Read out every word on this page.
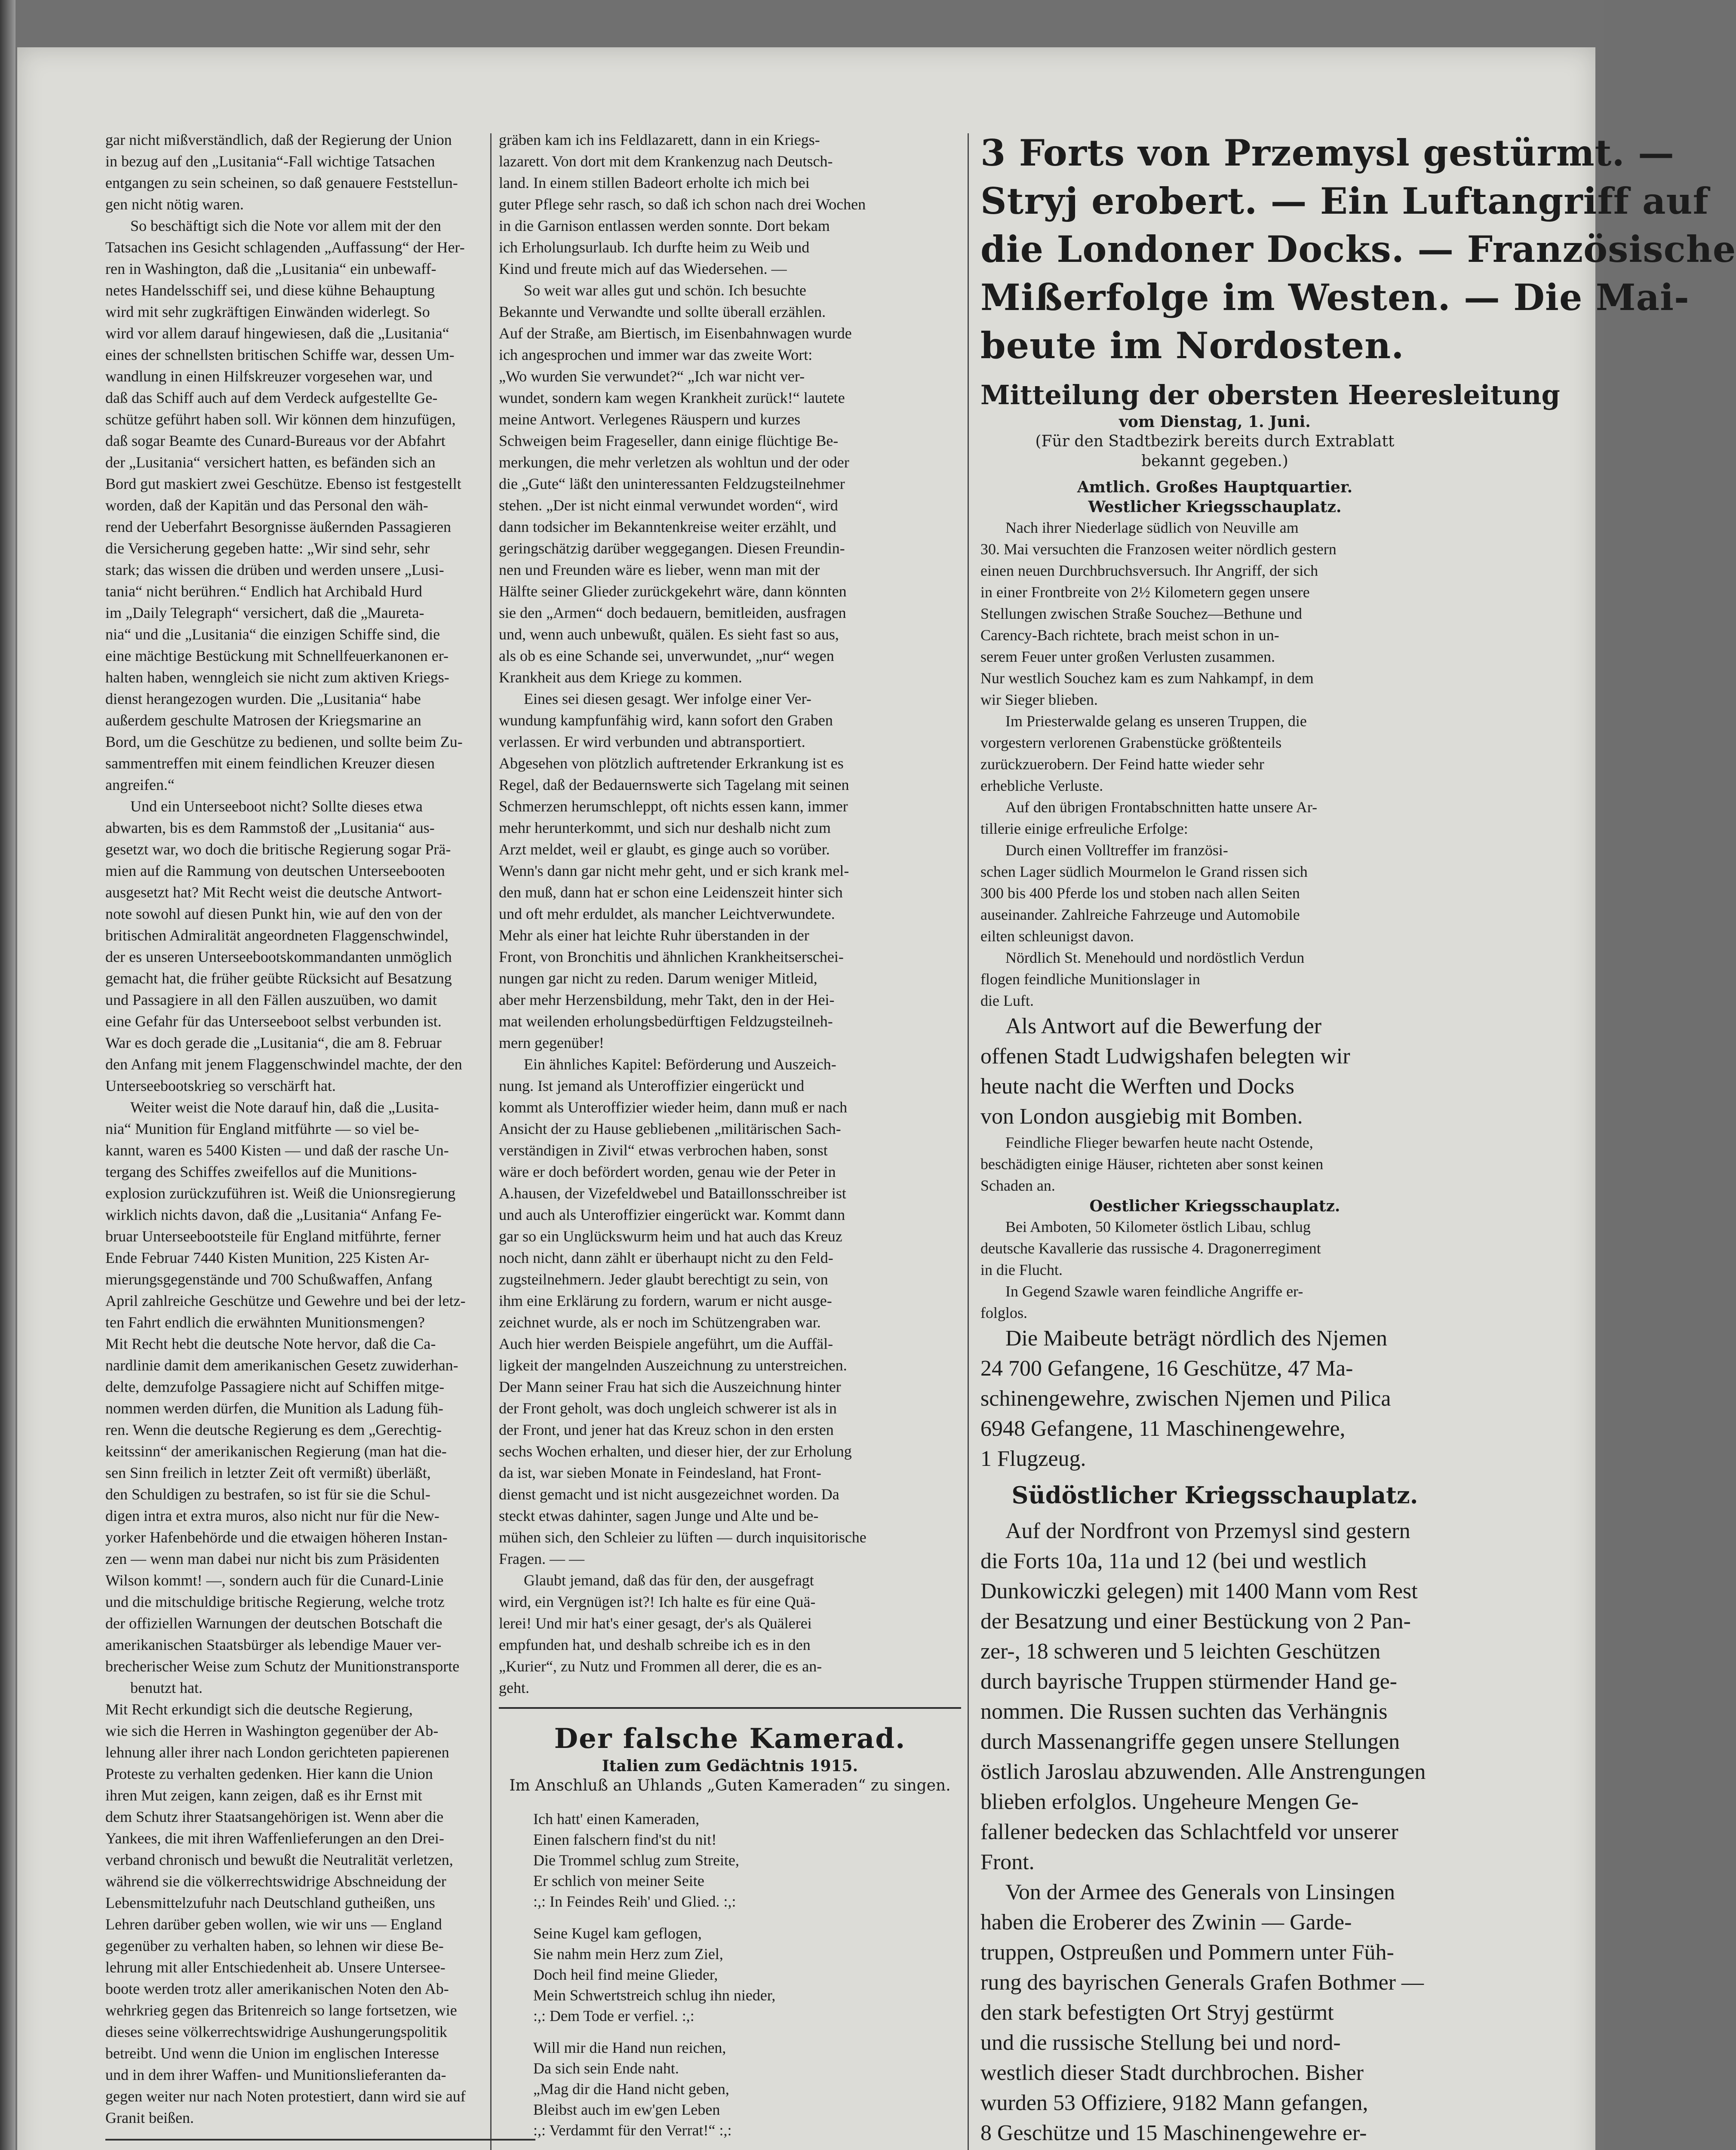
gar nicht mißverständlich, daß der Regierung der Union

in bezug auf den „Lusitania“-Fall wichtige Tatsachen

entgangen zu sein scheinen, so daß genauere Feststellun-

gen nicht nötig waren.

So beschäftigt sich die Note vor allem mit der den

Tatsachen ins Gesicht schlagenden „Auffassung“ der Her-

ren in Washington, daß die „Lusitania“ ein unbewaff-

netes Handelsschiff sei, und diese kühne Behauptung

wird mit sehr zugkräftigen Einwänden widerlegt. So

wird vor allem darauf hingewiesen, daß die „Lusitania“

eines der schnellsten britischen Schiffe war, dessen Um-

wandlung in einen Hilfskreuzer vorgesehen war, und

daß das Schiff auch auf dem Verdeck aufgestellte Ge-

schütze geführt haben soll. Wir können dem hinzufügen,

daß sogar Beamte des Cunard-Bureaus vor der Abfahrt

der „Lusitania“ versichert hatten, es befänden sich an

Bord gut maskiert zwei Geschütze. Ebenso ist festgestellt

worden, daß der Kapitän und das Personal den wäh-

rend der Ueberfahrt Besorgnisse äußernden Passagieren

die Versicherung gegeben hatte: „Wir sind sehr, sehr

stark; das wissen die drüben und werden unsere „Lusi-

tania“ nicht berühren.“ Endlich hat Archibald Hurd

im „Daily Telegraph“ versichert, daß die „Maureta-

nia“ und die „Lusitania“ die einzigen Schiffe sind, die

eine mächtige Bestückung mit Schnellfeuerkanonen er-

halten haben, wenngleich sie nicht zum aktiven Kriegs-

dienst herangezogen wurden. Die „Lusitania“ habe

außerdem geschulte Matrosen der Kriegsmarine an

Bord, um die Geschütze zu bedienen, und sollte beim Zu-

sammentreffen mit einem feindlichen Kreuzer diesen

angreifen.“

Und ein Unterseeboot nicht? Sollte dieses etwa

abwarten, bis es dem Rammstoß der „Lusitania“ aus-

gesetzt war, wo doch die britische Regierung sogar Prä-

mien auf die Rammung von deutschen Unterseebooten

ausgesetzt hat? Mit Recht weist die deutsche Antwort-

note sowohl auf diesen Punkt hin, wie auf den von der

britischen Admiralität angeordneten Flaggenschwindel,

der es unseren Unterseebootskommandanten unmöglich

gemacht hat, die früher geübte Rücksicht auf Besatzung

und Passagiere in all den Fällen auszuüben, wo damit

eine Gefahr für das Unterseeboot selbst verbunden ist.

War es doch gerade die „Lusitania“, die am 8. Februar

den Anfang mit jenem Flaggenschwindel machte, der den

Unterseebootskrieg so verschärft hat.

Weiter weist die Note darauf hin, daß die „Lusita-

nia“ Munition für England mitführte — so viel be-

kannt, waren es 5400 Kisten — und daß der rasche Un-

tergang des Schiffes zweifellos auf die Munitions-

explosion zurückzuführen ist. Weiß die Unionsregierung

wirklich nichts davon, daß die „Lusitania“ Anfang Fe-

bruar Unterseebootsteile für England mitführte, ferner

Ende Februar 7440 Kisten Munition, 225 Kisten Ar-

mierungsgegenstände und 700 Schußwaffen, Anfang

April zahlreiche Geschütze und Gewehre und bei der letz-

ten Fahrt endlich die erwähnten Munitionsmengen?

Mit Recht hebt die deutsche Note hervor, daß die Ca-

nardlinie damit dem amerikanischen Gesetz zuwiderhan-

delte, demzufolge Passagiere nicht auf Schiffen mitge-

nommen werden dürfen, die Munition als Ladung füh-

ren. Wenn die deutsche Regierung es dem „Gerechtig-

keitssinn“ der amerikanischen Regierung (man hat die-

sen Sinn freilich in letzter Zeit oft vermißt) überläßt,

den Schuldigen zu bestrafen, so ist für sie die Schul-

digen intra et extra muros, also nicht nur für die New-

yorker Hafenbehörde und die etwaigen höheren Instan-

zen — wenn man dabei nur nicht bis zum Präsidenten

Wilson kommt! —, sondern auch für die Cunard-Linie

und die mitschuldige britische Regierung, welche trotz

der offiziellen Warnungen der deutschen Botschaft die

amerikanischen Staatsbürger als lebendige Mauer ver-

brecherischer Weise zum Schutz der Munitionstransporte

benutzt hat.

Mit Recht erkundigt sich die deutsche Regierung,

wie sich die Herren in Washington gegenüber der Ab-

lehnung aller ihrer nach London gerichteten papierenen

Proteste zu verhalten gedenken. Hier kann die Union

ihren Mut zeigen, kann zeigen, daß es ihr Ernst mit

dem Schutz ihrer Staatsangehörigen ist. Wenn aber die

Yankees, die mit ihren Waffenlieferungen an den Drei-

verband chronisch und bewußt die Neutralität verletzen,

während sie die völkerrechtswidrige Abschneidung der

Lebensmittelzufuhr nach Deutschland gutheißen, uns

Lehren darüber geben wollen, wie wir uns — England

gegenüber zu verhalten haben, so lehnen wir diese Be-

lehrung mit aller Entschiedenheit ab. Unsere Untersee-

boote werden trotz aller amerikanischen Noten den Ab-

wehrkrieg gegen das Britenreich so lange fortsetzen, wie

dieses seine völkerrechtswidrige Aushungerungspolitik

betreibt. Und wenn die Union im englischen Interesse

und in dem ihrer Waffen- und Munitionslieferanten da-

gegen weiter nur nach Noten protestiert, dann wird sie auf

Granit beißen.

gräben kam ich ins Feldlazarett, dann in ein Kriegs-

lazarett. Von dort mit dem Krankenzug nach Deutsch-

land. In einem stillen Badeort erholte ich mich bei

guter Pflege sehr rasch, so daß ich schon nach drei Wochen

in die Garnison entlassen werden sonnte. Dort bekam

ich Erholungsurlaub. Ich durfte heim zu Weib und

Kind und freute mich auf das Wiedersehen. —

So weit war alles gut und schön. Ich besuchte

Bekannte und Verwandte und sollte überall erzählen.

Auf der Straße, am Biertisch, im Eisenbahnwagen wurde

ich angesprochen und immer war das zweite Wort:

„Wo wurden Sie verwundet?“ „Ich war nicht ver-

wundet, sondern kam wegen Krankheit zurück!“ lautete

meine Antwort. Verlegenes Räuspern und kurzes

Schweigen beim Frageseller, dann einige flüchtige Be-

merkungen, die mehr verletzen als wohltun und der oder

die „Gute“ läßt den uninteressanten Feldzugsteilnehmer

stehen. „Der ist nicht einmal verwundet worden“, wird

dann todsicher im Bekanntenkreise weiter erzählt, und

geringschätzig darüber weggegangen. Diesen Freundin-

nen und Freunden wäre es lieber, wenn man mit der

Hälfte seiner Glieder zurückgekehrt wäre, dann könnten

sie den „Armen“ doch bedauern, bemitleiden, ausfragen

und, wenn auch unbewußt, quälen. Es sieht fast so aus,

als ob es eine Schande sei, unverwundet, „nur“ wegen

Krankheit aus dem Kriege zu kommen.

Eines sei diesen gesagt. Wer infolge einer Ver-

wundung kampfunfähig wird, kann sofort den Graben

verlassen. Er wird verbunden und abtransportiert.

Abgesehen von plötzlich auftretender Erkrankung ist es

Regel, daß der Bedauernswerte sich Tagelang mit seinen

Schmerzen herumschleppt, oft nichts essen kann, immer

mehr herunterkommt, und sich nur deshalb nicht zum

Arzt meldet, weil er glaubt, es ginge auch so vorüber.

Wenn's dann gar nicht mehr geht, und er sich krank mel-

den muß, dann hat er schon eine Leidenszeit hinter sich

und oft mehr erduldet, als mancher Leichtverwundete.

Mehr als einer hat leichte Ruhr überstanden in der

Front, von Bronchitis und ähnlichen Krankheitserschei-

nungen gar nicht zu reden. Darum weniger Mitleid,

aber mehr Herzensbildung, mehr Takt, den in der Hei-

mat weilenden erholungsbedürftigen Feldzugsteilneh-

mern gegenüber!

Ein ähnliches Kapitel: Beförderung und Auszeich-

nung. Ist jemand als Unteroffizier eingerückt und

kommt als Unteroffizier wieder heim, dann muß er nach

Ansicht der zu Hause gebliebenen „militärischen Sach-

verständigen in Zivil“ etwas verbrochen haben, sonst

wäre er doch befördert worden, genau wie der Peter in

A.hausen, der Vizefeldwebel und Bataillonsschreiber ist

und auch als Unteroffizier eingerückt war. Kommt dann

gar so ein Unglückswurm heim und hat auch das Kreuz

noch nicht, dann zählt er überhaupt nicht zu den Feld-

zugsteilnehmern. Jeder glaubt berechtigt zu sein, von

ihm eine Erklärung zu fordern, warum er nicht ausge-

zeichnet wurde, als er noch im Schützengraben war.

Auch hier werden Beispiele angeführt, um die Auffäl-

ligkeit der mangelnden Auszeichnung zu unterstreichen.

Der Mann seiner Frau hat sich die Auszeichnung hinter

der Front geholt, was doch ungleich schwerer ist als in

der Front, und jener hat das Kreuz schon in den ersten

sechs Wochen erhalten, und dieser hier, der zur Erholung

da ist, war sieben Monate in Feindesland, hat Front-

dienst gemacht und ist nicht ausgezeichnet worden. Da

steckt etwas dahinter, sagen Junge und Alte und be-

mühen sich, den Schleier zu lüften — durch inquisitorische

Fragen. — —

Glaubt jemand, daß das für den, der ausgefragt

wird, ein Vergnügen ist?! Ich halte es für eine Quä-

lerei! Und mir hat's einer gesagt, der's als Quälerei

empfunden hat, und deshalb schreibe ich es in den

„Kurier“, zu Nutz und Frommen all derer, die es an-

geht.

Der falsche Kamerad.

Italien zum Gedächtnis 1915.

Im Anschluß an Uhlands „Guten Kameraden“ zu singen.

Ich hatt' einen Kameraden,

Einen falschern find'st du nit!

Die Trommel schlug zum Streite,

Er schlich von meiner Seite

:,: In Feindes Reih' und Glied. :,:

Seine Kugel kam geflogen,

Sie nahm mein Herz zum Ziel,

Doch heil find meine Glieder,

Mein Schwertstreich schlug ihn nieder,

:,: Dem Tode er verfiel. :,:

Will mir die Hand nun reichen,

Da sich sein Ende naht.

„Mag dir die Hand nicht geben,

Bleibst auch im ew'gen Leben

:,: Verdammt für den Verrat!“ :,:

3 Forts von Przemysl gestürmt. —

Stryj erobert. — Ein Luftangriff auf

die Londoner Docks. — Französische

Mißerfolge im Westen. — Die Mai-

beute im Nordosten.

Mitteilung der obersten Heeresleitung

vom Dienstag, 1. Juni.

(Für den Stadtbezirk bereits durch Extrablatt

bekannt gegeben.)

Amtlich. Großes Hauptquartier.

Westlicher Kriegsschauplatz.

Nach ihrer Niederlage südlich von Neuville am

30. Mai versuchten die Franzosen weiter nördlich gestern

einen neuen Durchbruchsversuch. Ihr Angriff, der sich

in einer Frontbreite von 2½ Kilometern gegen unsere

Stellungen zwischen Straße Souchez—Bethune und

Carency-Bach richtete, brach meist schon in un-

serem Feuer unter großen Verlusten zusammen.

Nur westlich Souchez kam es zum Nahkampf, in dem

wir Sieger blieben.

Im Priesterwalde gelang es unseren Truppen, die

vorgestern verlorenen Grabenstücke größtenteils

zurückzuerobern. Der Feind hatte wieder sehr

erhebliche Verluste.

Auf den übrigen Frontabschnitten hatte unsere Ar-

tillerie einige erfreuliche Erfolge:

Durch einen Volltreffer im französi-

schen Lager südlich Mourmelon le Grand rissen sich

300 bis 400 Pferde los und stoben nach allen Seiten

auseinander. Zahlreiche Fahrzeuge und Automobile

eilten schleunigst davon.

Nördlich St. Menehould und nordöstlich Verdun

flogen feindliche Munitionslager in

die Luft.

Als Antwort auf die Bewerfung der

offenen Stadt Ludwigshafen belegten wir

heute nacht die Werften und Docks

von London ausgiebig mit Bomben.

Feindliche Flieger bewarfen heute nacht Ostende,

beschädigten einige Häuser, richteten aber sonst keinen

Schaden an.

Oestlicher Kriegsschauplatz.

Bei Amboten, 50 Kilometer östlich Libau, schlug

deutsche Kavallerie das russische 4. Dragonerregiment

in die Flucht.

In Gegend Szawle waren feindliche Angriffe er-

folglos.

Die Maibeute beträgt nördlich des Njemen

24 700 Gefangene, 16 Geschütze, 47 Ma-

schinengewehre, zwischen Njemen und Pilica

6948 Gefangene, 11 Maschinengewehre,

1 Flugzeug.

Südöstlicher Kriegsschauplatz.

Auf der Nordfront von Przemysl sind gestern

die Forts 10a, 11a und 12 (bei und westlich

Dunkowiczki gelegen) mit 1400 Mann vom Rest

der Besatzung und einer Bestückung von 2 Pan-

zer-, 18 schweren und 5 leichten Geschützen

durch bayrische Truppen stürmender Hand ge-

nommen. Die Russen suchten das Verhängnis

durch Massenangriffe gegen unsere Stellungen

östlich Jaroslau abzuwenden. Alle Anstrengungen

blieben erfolglos. Ungeheure Mengen Ge-

fallener bedecken das Schlachtfeld vor unserer

Front.

Von der Armee des Generals von Linsingen

haben die Eroberer des Zwinin — Garde-

truppen, Ostpreußen und Pommern unter Füh-

rung des bayrischen Generals Grafen Bothmer —

den stark befestigten Ort Stryj gestürmt

und die russische Stellung bei und nord-

westlich dieser Stadt durchbrochen. Bisher

wurden 53 Offiziere, 9182 Mann gefangen,

8 Geschütze und 15 Maschinengewehre er-
